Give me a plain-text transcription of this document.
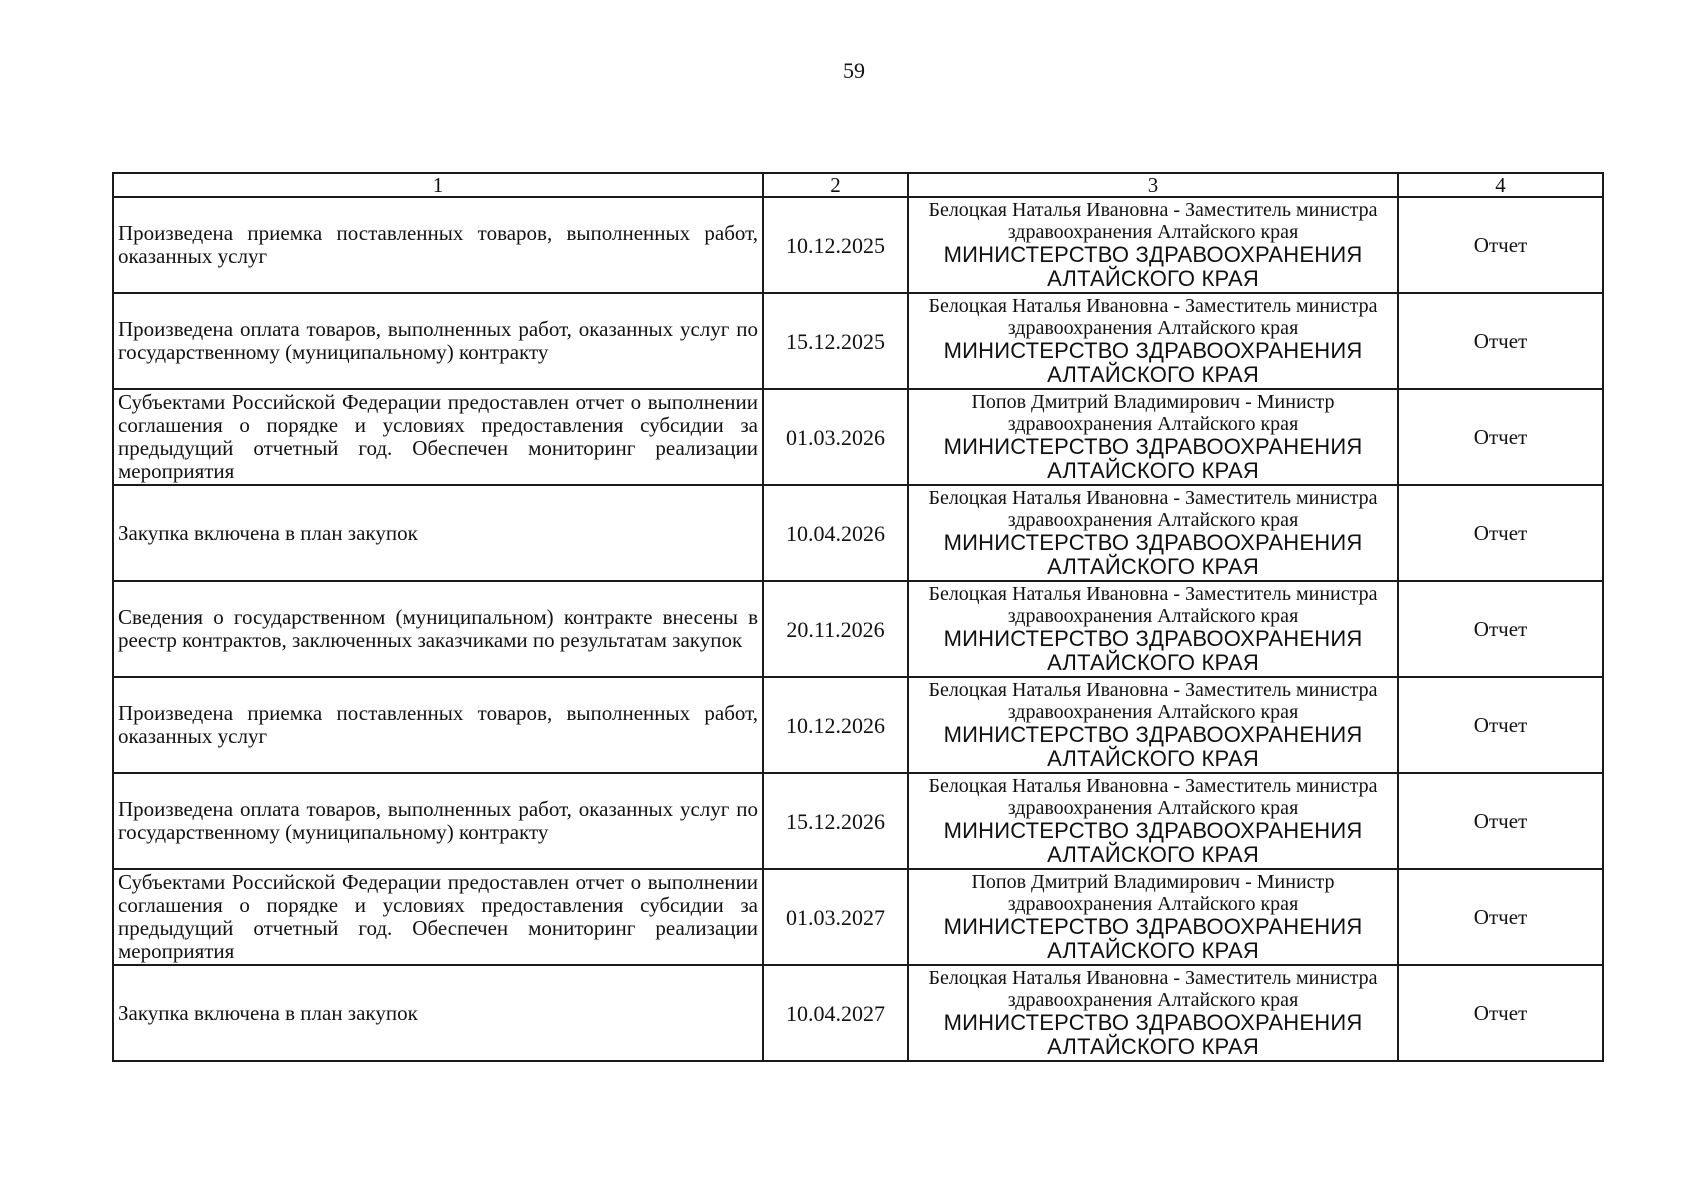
59
1	2	3	4
Произведена приемка поставленных товаров, выполненных работ, оказанных услуг	10.12.2025	Белоцкая Наталья Ивановна - Заместитель министра здравоохранения Алтайского края
МИНИСТЕРСТВО ЗДРАВООХРАНЕНИЯ АЛТАЙСКОГО КРАЯ	Отчет
Произведена оплата товаров, выполненных работ, оказанных услуг по государственному (муниципальному) контракту	15.12.2025	Белоцкая Наталья Ивановна - Заместитель министра здравоохранения Алтайского края
МИНИСТЕРСТВО ЗДРАВООХРАНЕНИЯ АЛТАЙСКОГО КРАЯ	Отчет
Субъектами Российской Федерации предоставлен отчет о выполнении соглашения о порядке и условиях предоставления субсидии за предыдущий отчетный год. Обеспечен мониторинг реализации мероприятия	01.03.2026	Попов Дмитрий Владимирович - Министр здравоохранения Алтайского края
МИНИСТЕРСТВО ЗДРАВООХРАНЕНИЯ АЛТАЙСКОГО КРАЯ	Отчет
Закупка включена в план закупок	10.04.2026	Белоцкая Наталья Ивановна - Заместитель министра здравоохранения Алтайского края
МИНИСТЕРСТВО ЗДРАВООХРАНЕНИЯ АЛТАЙСКОГО КРАЯ	Отчет
Сведения о государственном (муниципальном) контракте внесены в реестр контрактов, заключенных заказчиками по результатам закупок	20.11.2026	Белоцкая Наталья Ивановна - Заместитель министра здравоохранения Алтайского края
МИНИСТЕРСТВО ЗДРАВООХРАНЕНИЯ АЛТАЙСКОГО КРАЯ	Отчет
Произведена приемка поставленных товаров, выполненных работ, оказанных услуг	10.12.2026	Белоцкая Наталья Ивановна - Заместитель министра здравоохранения Алтайского края
МИНИСТЕРСТВО ЗДРАВООХРАНЕНИЯ АЛТАЙСКОГО КРАЯ	Отчет
Произведена оплата товаров, выполненных работ, оказанных услуг по государственному (муниципальному) контракту	15.12.2026	Белоцкая Наталья Ивановна - Заместитель министра здравоохранения Алтайского края
МИНИСТЕРСТВО ЗДРАВООХРАНЕНИЯ АЛТАЙСКОГО КРАЯ	Отчет
Субъектами Российской Федерации предоставлен отчет о выполнении соглашения о порядке и условиях предоставления субсидии за предыдущий отчетный год. Обеспечен мониторинг реализации мероприятия	01.03.2027	Попов Дмитрий Владимирович - Министр здравоохранения Алтайского края
МИНИСТЕРСТВО ЗДРАВООХРАНЕНИЯ АЛТАЙСКОГО КРАЯ	Отчет
Закупка включена в план закупок	10.04.2027	Белоцкая Наталья Ивановна - Заместитель министра здравоохранения Алтайского края
МИНИСТЕРСТВО ЗДРАВООХРАНЕНИЯ АЛТАЙСКОГО КРАЯ	Отчет
